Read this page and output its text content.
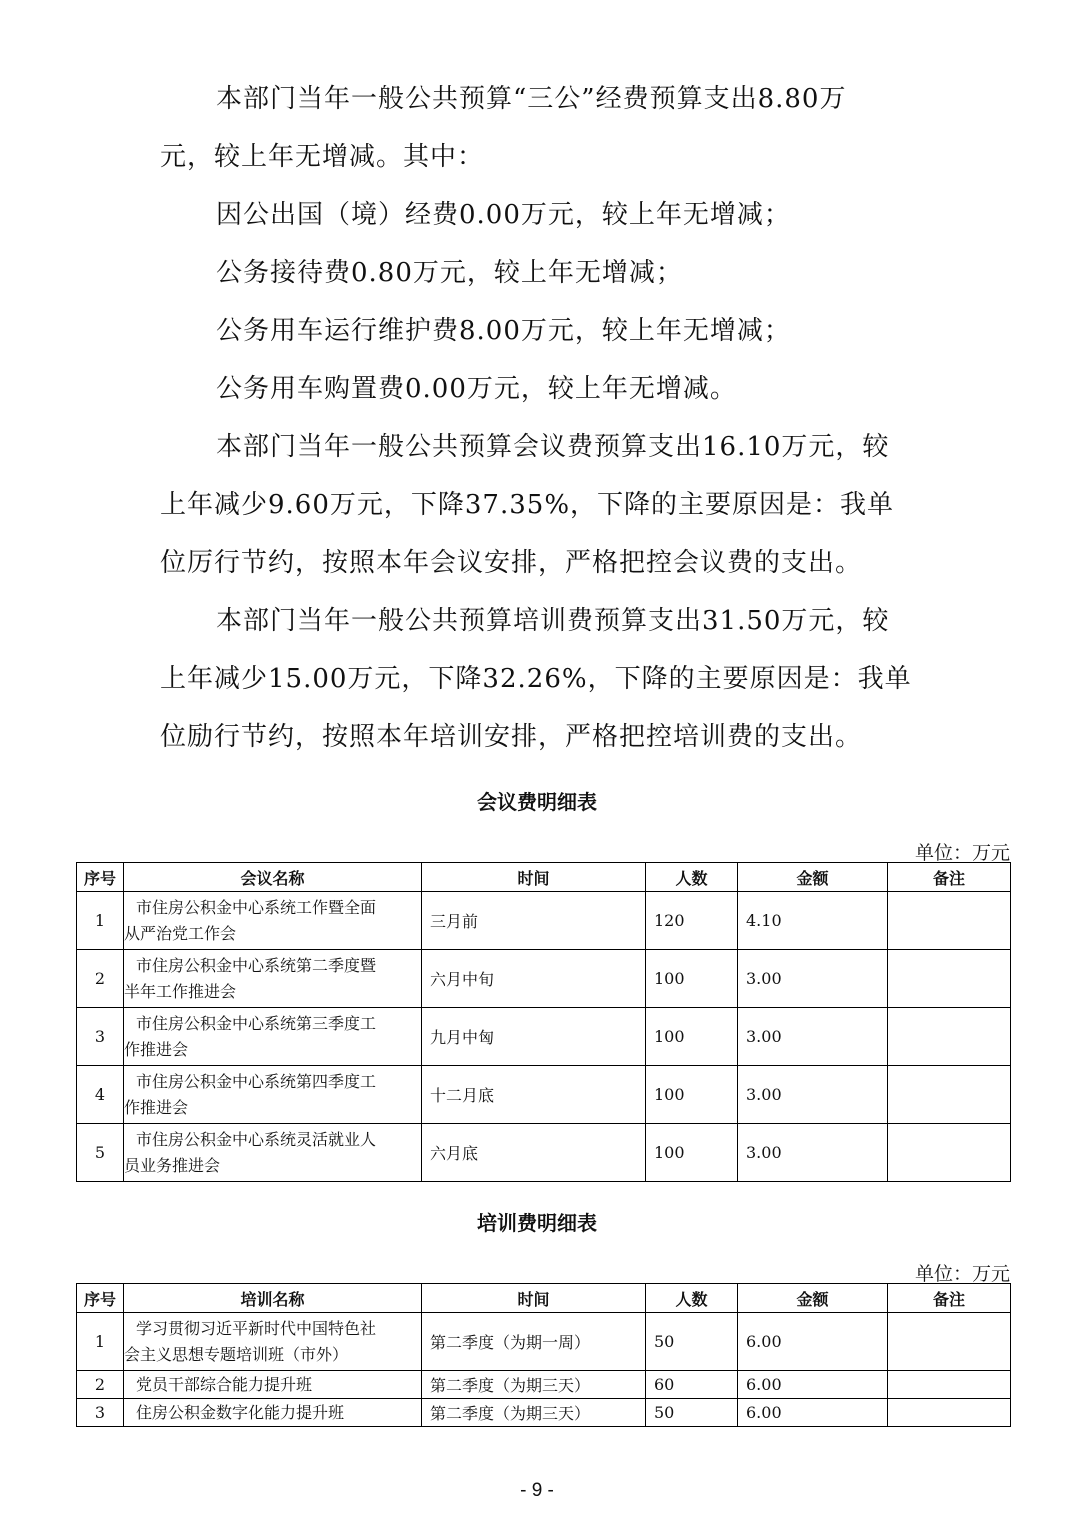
本部门当年一般公共预算“三公”经费预算支出8.80万
元，较上年无增减。其中：
因公出国（境）经费0.00万元，较上年无增减；
公务接待费0.80万元，较上年无增减；
公务用车运行维护费8.00万元，较上年无增减；
公务用车购置费0.00万元，较上年无增减。
本部门当年一般公共预算会议费预算支出16.10万元，较
上年减少9.60万元，下降37.35%，下降的主要原因是：我单
位厉行节约，按照本年会议安排，严格把控会议费的支出。
本部门当年一般公共预算培训费预算支出31.50万元，较
上年减少15.00万元，下降32.26%，下降的主要原因是：我单
位励行节约，按照本年培训安排，严格把控培训费的支出。
会议费明细表
单位：万元
序号	会议名称	时间	人数	金额	备注
1	市住房公积金中心系统工作暨全面
从严治党工作会	三月前	120	4.10	
2	市住房公积金中心系统第二季度暨
半年工作推进会	六月中旬	100	3.00	
3	市住房公积金中心系统第三季度工
作推进会	九月中匈	100	3.00	
4	市住房公积金中心系统第四季度工
作推进会	十二月底	100	3.00	
5	市住房公积金中心系统灵活就业人
员业务推进会	六月底	100	3.00	
培训费明细表
单位：万元
序号	培训名称	时间	人数	金额	备注
1	学习贯彻习近平新时代中国特色社
会主义思想专题培训班（市外）	第二季度（为期一周）	50	6.00	
2	党员干部综合能力提升班	第二季度（为期三天）	60	6.00	
3	住房公积金数字化能力提升班	第二季度（为期三天）	50	6.00	
- 9 -
